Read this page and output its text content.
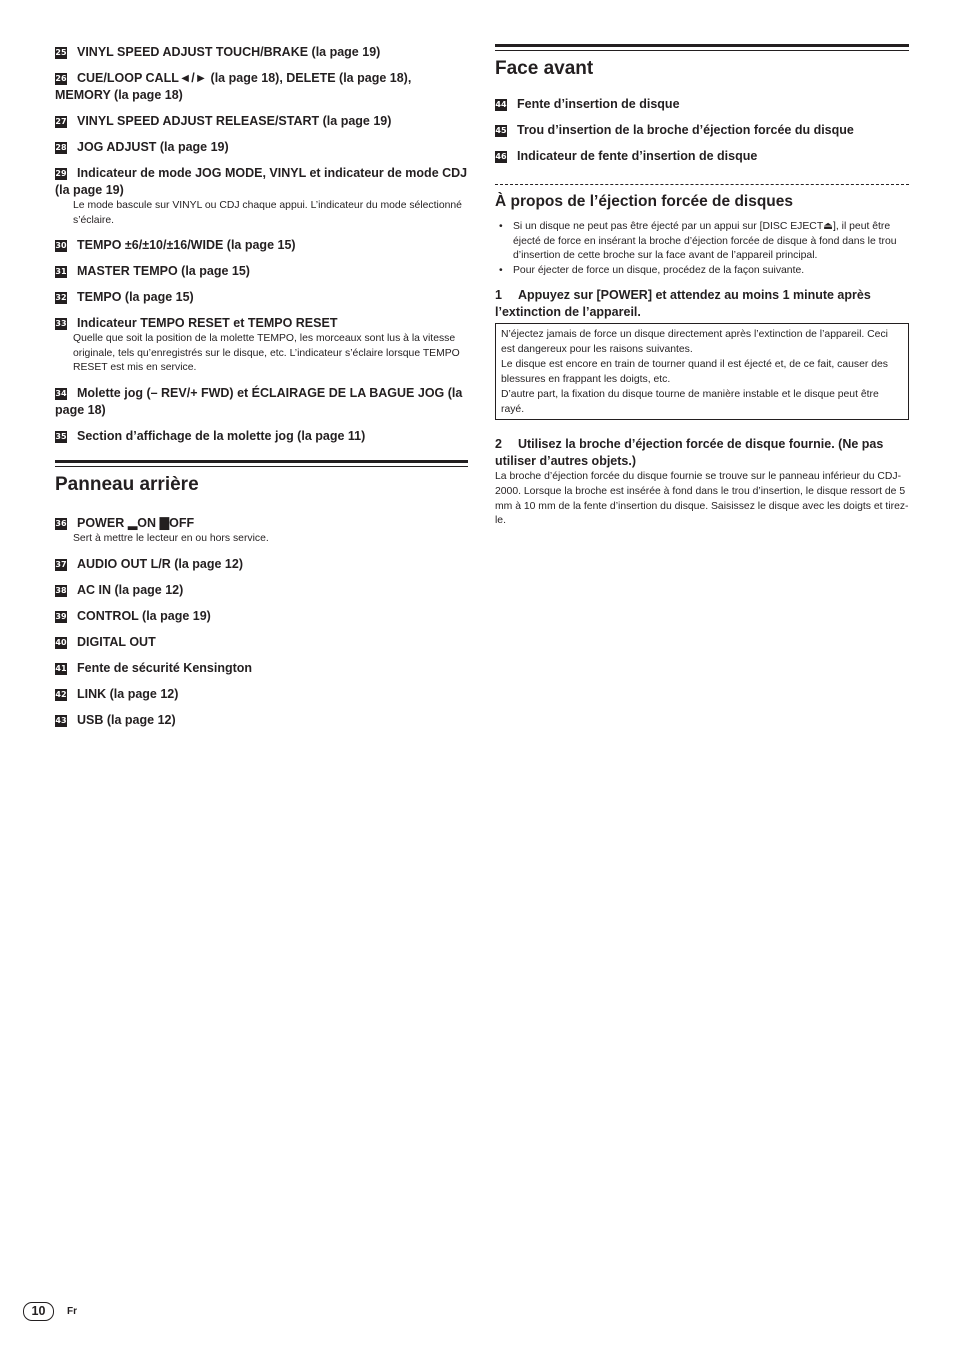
25 VINYL SPEED ADJUST TOUCH/BRAKE (la page 19)
26 CUE/LOOP CALL◄/► (la page 18), DELETE (la page 18), MEMORY (la page 18)
27 VINYL SPEED ADJUST RELEASE/START (la page 19)
28 JOG ADJUST (la page 19)
29 Indicateur de mode JOG MODE, VINYL et indicateur de mode CDJ (la page 19)
Le mode bascule sur VINYL ou CDJ chaque appui. L’indicateur du mode sélectionné s’éclaire.
30 TEMPO ±6/±10/±16/WIDE (la page 15)
31 MASTER TEMPO (la page 15)
32 TEMPO (la page 15)
33 Indicateur TEMPO RESET et TEMPO RESET
Quelle que soit la position de la molette TEMPO, les morceaux sont lus à la vitesse originale, tels qu’enregistrés sur le disque, etc. L’indicateur s’éclaire lorsque TEMPO RESET est mis en service.
34 Molette jog (– REV/+ FWD) et ÉCLAIRAGE DE LA BAGUE JOG (la page 18)
35 Section d’affichage de la molette jog (la page 11)
Panneau arrière
36 POWER ▂ON ▇OFF
Sert à mettre le lecteur en ou hors service.
37 AUDIO OUT L/R (la page 12)
38 AC IN (la page 12)
39 CONTROL (la page 19)
40 DIGITAL OUT
41 Fente de sécurité Kensington
42 LINK (la page 12)
43 USB (la page 12)
Face avant
44 Fente d’insertion de disque
45 Trou d’insertion de la broche d’éjection forcée du disque
46 Indicateur de fente d’insertion de disque
À propos de l’éjection forcée de disques
• Si un disque ne peut pas être éjecté par un appui sur [DISC EJECT⏏], il peut être éjecté de force en insérant la broche d’éjection forcée de disque à fond dans le trou d’insertion de cette broche sur la face avant de l’appareil principal.
• Pour éjecter de force un disque, procédez de la façon suivante.
1 Appuyez sur [POWER] et attendez au moins 1 minute après l’extinction de l’appareil.
N’éjectez jamais de force un disque directement après l’extinction de l’appareil. Ceci est dangereux pour les raisons suivantes.
Le disque est encore en train de tourner quand il est éjecté et, de ce fait, causer des blessures en frappant les doigts, etc.
D’autre part, la fixation du disque tourne de manière instable et le disque peut être rayé.
2 Utilisez la broche d’éjection forcée de disque fournie. (Ne pas utiliser d’autres objets.)

La broche d’éjection forcée du disque fournie se trouve sur le panneau inférieur du CDJ-2000. Lorsque la broche est insérée à fond dans le trou d’insertion, le disque ressort de 5 mm à 10 mm de la fente d’insertion du disque. Saisissez le disque avec les doigts et tirez-le.

10	Fr
